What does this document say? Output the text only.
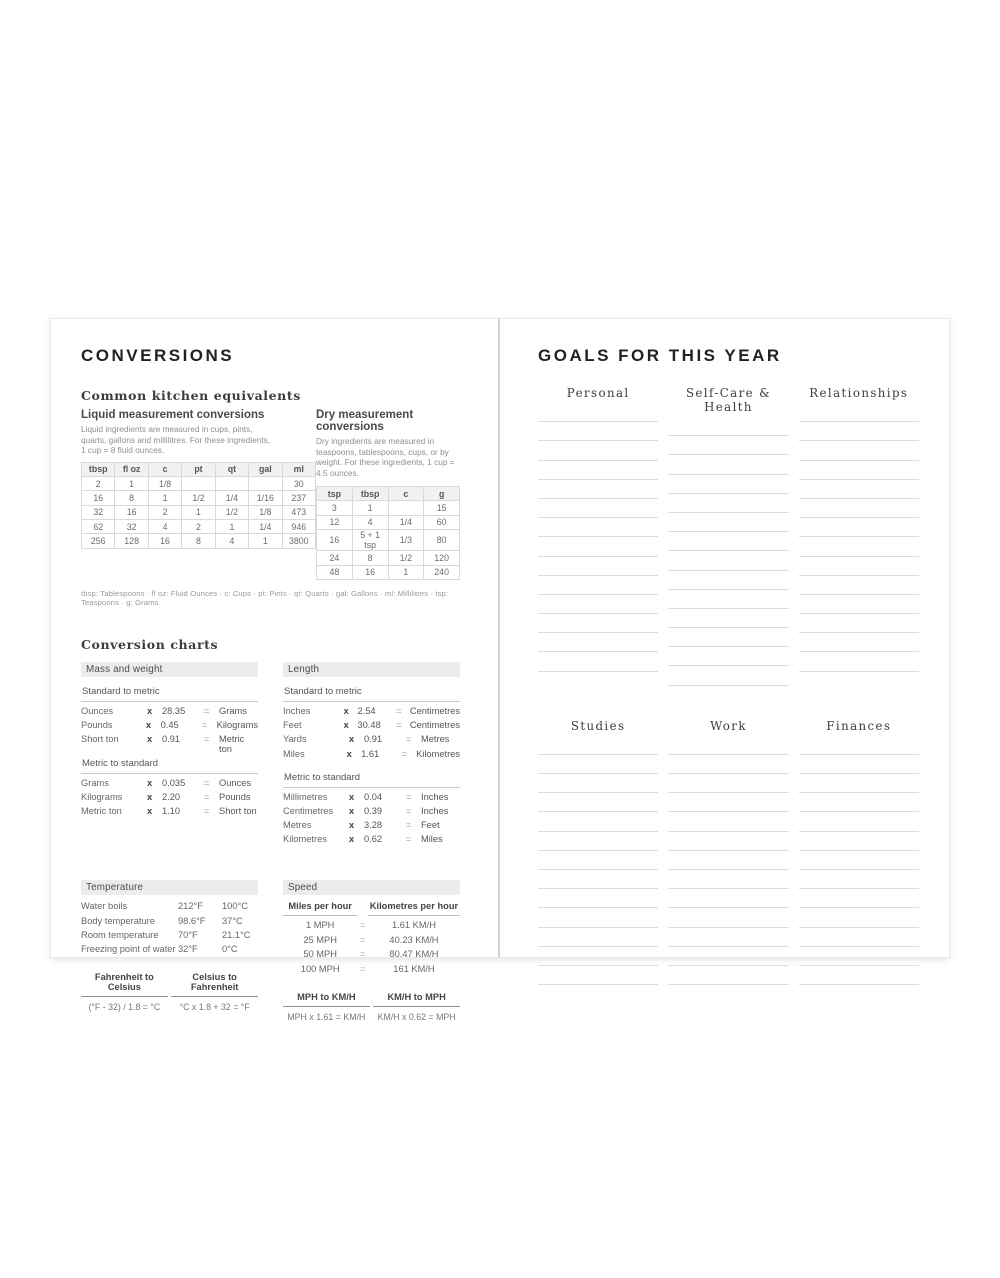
CONVERSIONS
Common kitchen equivalents
Liquid measurement conversions

Liquid ingredients are measured in cups, pints, quarts, gallons and millilitres. For these ingredients, 1 cup = 8 fluid ounces.

tbsp	fl oz	c	pt	qt	gal	ml
2	1	1/8				30
16	8	1	1/2	1/4	1/16	237
32	16	2	1	1/2	1/8	473
62	32	4	2	1	1/4	946
256	128	16	8	4	1	3800
Dry measurement conversions

Dry ingredients are measured in teaspoons, tablespoons, cups, or by weight. For these ingredients, 1 cup = 4.5 ounces.

tsp	tbsp	c	g
3	1		15
12	4	1/4	60
16	5 + 1 tsp	1/3	80
24	8	1/2	120
48	16	1	240

tbsp: Tablespoons · fl oz: Fluid Ounces · c: Cups · pt: Pints · qt: Quarts · gal: Gallons · ml: Millilitres · tsp: Teaspoons · g: Grams

Conversion charts
Mass and weight
Standard to metric
Ounces	x	28.35	=	Grams
Pounds	x	0.45	=	Kilograms
Short ton	x	0.91	=	Metric ton
Metric to standard
Grams	x	0.035	=	Ounces
Kilograms	x	2.20	=	Pounds
Metric ton	x	1.10	=	Short ton
Length
Standard to metric
Inches	x 2.54	= Centimetres
Feet	x 30.48	= Centimetres
Yards	x	0.91	=	Metres
Miles	x 1.61	= Kilometres
Metric to standard
Millimetres	x	0.04	=	Inches
Centimetres	x	0.39	=	Inches
Metres	x	3.28	=	Feet
Kilometres	x	0.62	=	Miles
Temperature
Water boils	212°F	100°C
Body temperature	98.6°F	37°C
Room temperature	70°F	21.1°C
Freezing point of water 32°F	0°C
Fahrenheit to Celsius
(°F - 32) / 1.8 = °C
Celsius to Fahrenheit
°C x 1.8 + 32 = °F
Speed
Miles per hour	Kilometres per hour
1 MPH	=	1.61 KM/H
25 MPH	=	40.23 KM/H
50 MPH	=	80.47 KM/H
100 MPH	=	161 KM/H
MPH to KM/H
MPH x 1.61 = KM/H
KM/H to MPH
KM/H x 0.62 = MPH
GOALS FOR THIS YEAR
Personal	Self-Care & Health
Relationships
Studies	Work	Finances
